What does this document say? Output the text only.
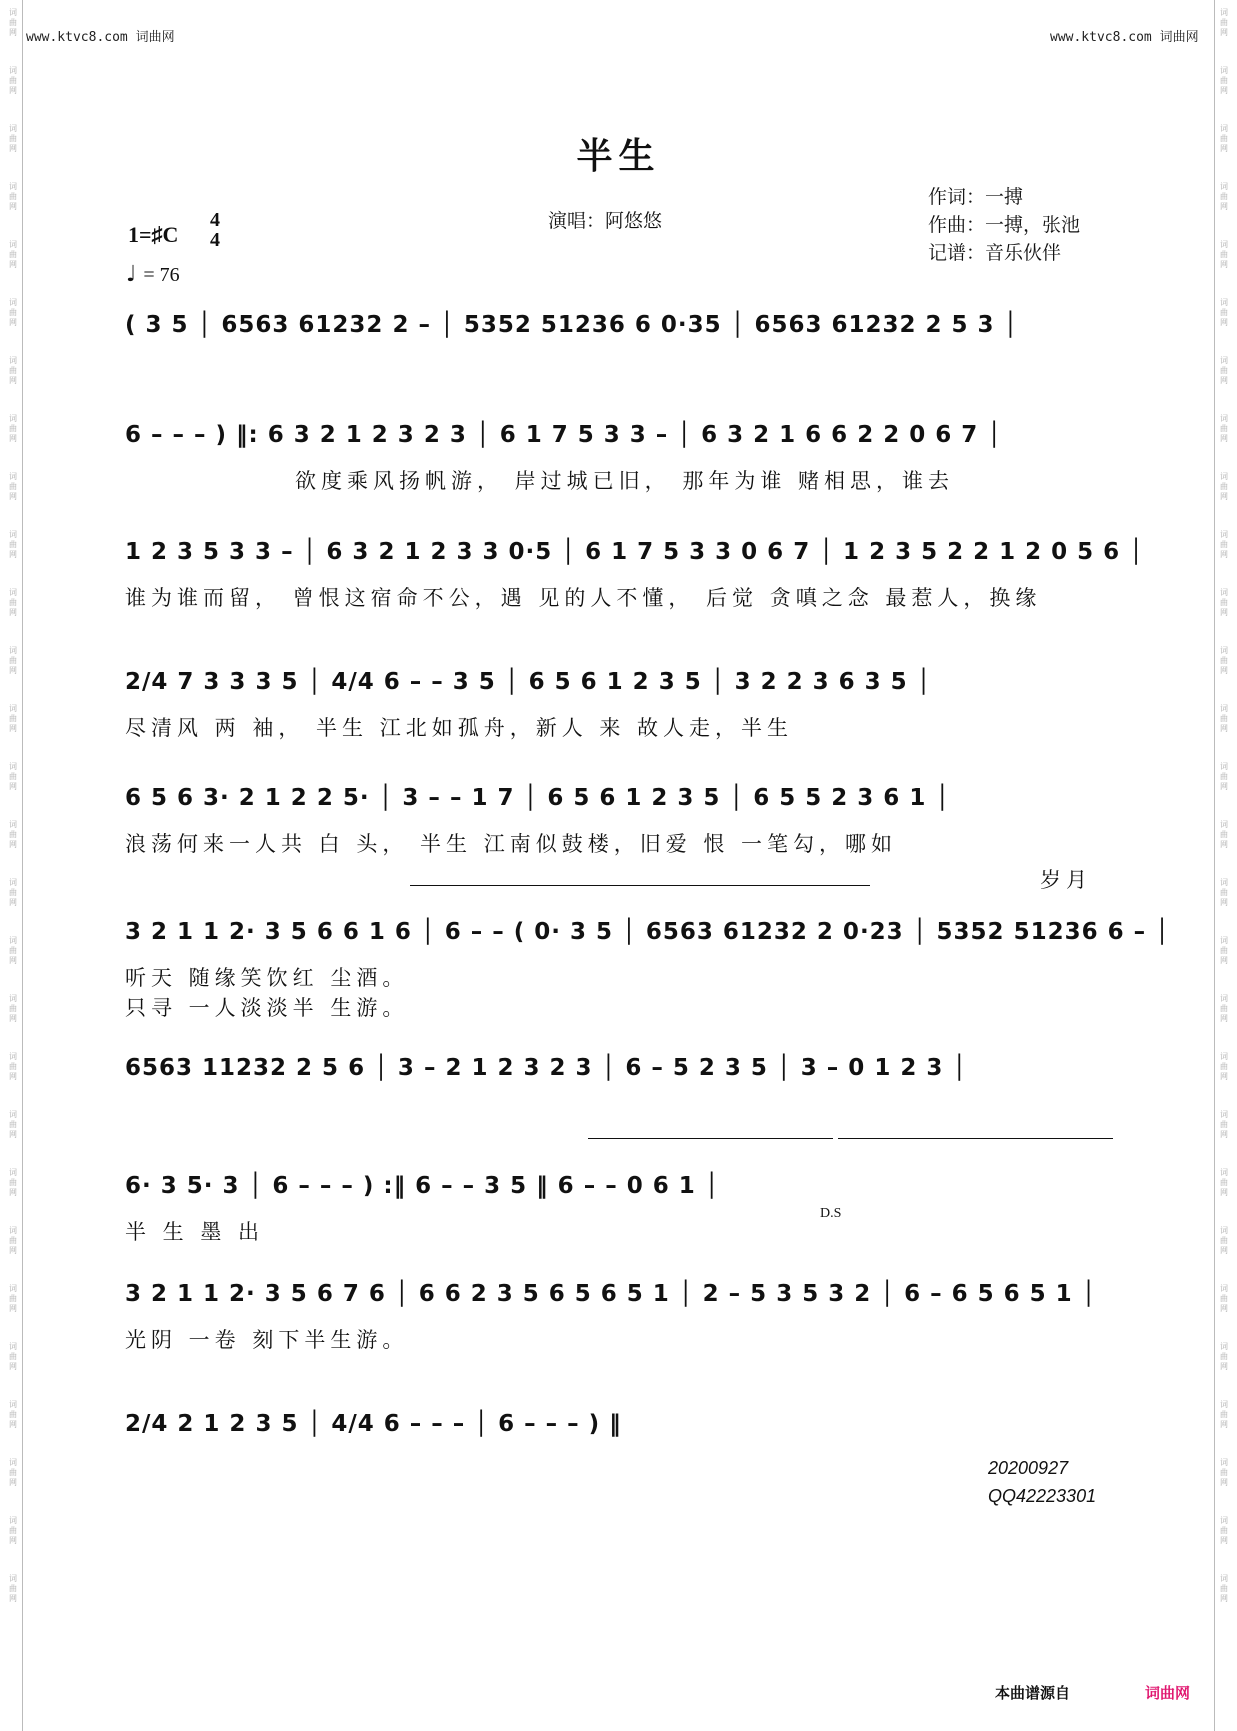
词
曲
网
词
曲
网
词
曲
网
词
曲
网
词
曲
网
词
曲
网
词
曲
网
词
曲
网
词
曲
网
词
曲
网
词
曲
网
词
曲
网
词
曲
网
词
曲
网
词
曲
网
词
曲
网
词
曲
网
词
曲
网
词
曲
网
词
曲
网
词
曲
网
词
曲
网
词
曲
网
词
曲
网
词
曲
网
词
曲
网
词
曲
网
词
曲
网
词
曲
网
词
曲
网
词
曲
网
词
曲
网
词
曲
网
词
曲
网
词
曲
网
词
曲
网
词
曲
网
词
曲
网
词
曲
网
词
曲
网
词
曲
网
词
曲
网
词
曲
网
词
曲
网
词
曲
网
词
曲
网
词
曲
网
词
曲
网
词
曲
网
词
曲
网
词
曲
网
词
曲
网
词
曲
网
词
曲
网
词
曲
网
词
曲
网
www.ktvc8.com 词曲网	www.ktvc8.com 词曲网
半生
演唱：阿悠悠
作词：一搏
作曲：一搏，张池
记谱：音乐伙伴
1=♯C
4
4
♩ = 76
( 3 5 │ 6563 61232 2 – │ 5352 51236 6 0·35 │ 6563 61232 2 5 3 │
6 – – – ) ‖: 6 3 2 1 2 3 2 3 │ 6 1 7 5 3 3 – │ 6 3 2 1 6 6 2 2 0 6 7 │
欲度乘风扬帆游， 岸过城已旧， 那年为谁 赌相思，谁去
1 2 3 5 3 3 – │ 6 3 2 1 2 3 3 0·5 │ 6 1 7 5 3 3 0 6 7 │ 1 2 3 5 2 2 1 2 0 5 6 │
谁为谁而留， 曾恨这宿命不公，遇 见的人不懂， 后觉 贪嗔之念 最惹人，换缘
2/4 7 3 3 3 5 │ 4/4 6 – – 3 5 │ 6 5 6 1 2 3 5 │ 3 2 2 3 6 3 5 │
尽清风 两 袖， 半生 江北如孤舟，新人 来 故人走，半生
6 5 6 3· 2 1 2 2 5· │ 3 – – 1 7 │ 6 5 6 1 2 3 5 │ 6 5 5 2 3 6 1 │
浪荡何来一人共 白 头， 半生 江南似鼓楼，旧爱 恨 一笔勾，哪如
3 2 1 1 2· 3 5 6 6 1 6 │ 6 – – ( 0· 3 5 │ 6563 61232 2 0·23 │ 5352 51236 6 – │
岁月
听天 随缘笑饮红 尘酒。
只寻 一人淡淡半 生游。
6563 11232 2 5 6 │ 3 – 2 1 2 3 2 3 │ 6 – 5 2 3 5 │ 3 – 0 1 2 3 │
6· 3 5· 3 │ 6 – – – ) :‖ 6 – – 3 5 ‖ 6 – – 0 6 1 │
半 生 墨 出
D.S
3 2 1 1 2· 3 5 6 7 6 │ 6 6 2 3 5 6 5 6 5 1 │ 2 – 5 3 5 3 2 │ 6 – 6 5 6 5 1 │
光阴 一卷 刻下半生游。
2/4 2 1 2 3 5 │ 4/4 6 – – – │ 6 – – – ) ‖
20200927
QQ42223301
本曲谱源自	词曲网
